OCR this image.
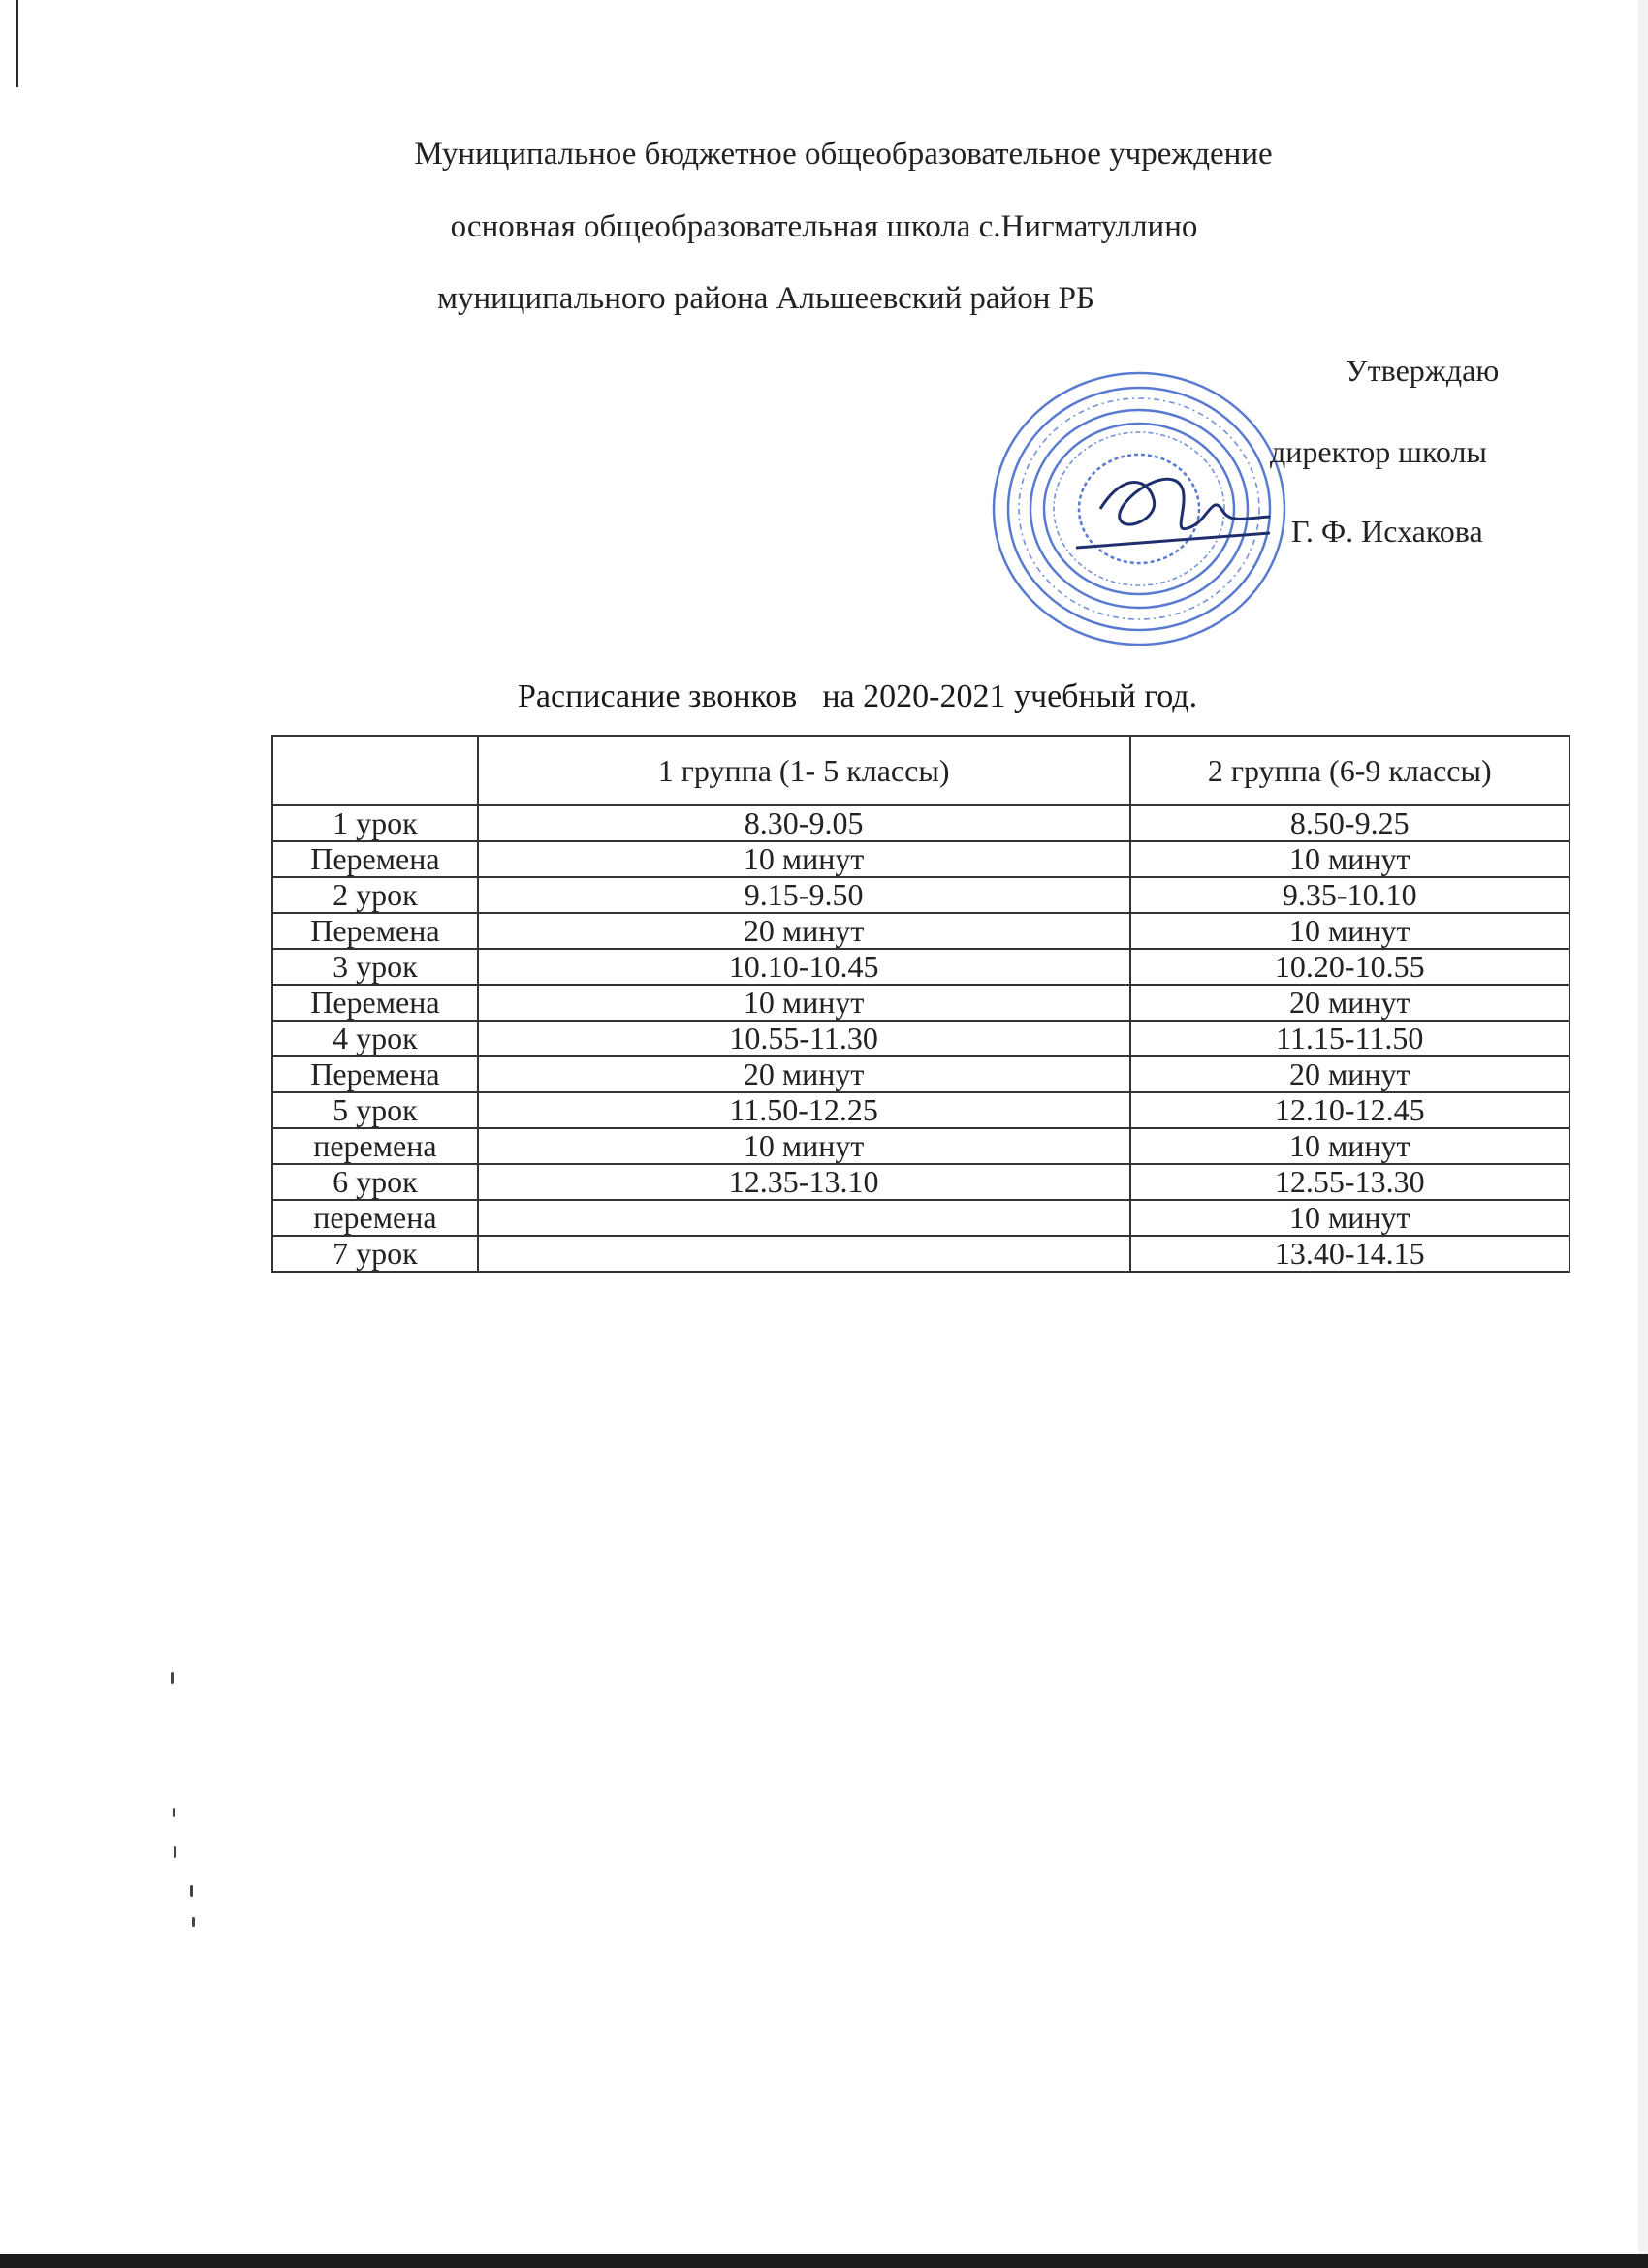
Муниципальное бюджетное общеобразовательное учреждение
основная общеобразовательная школа с.Нигматуллино
муниципального района Альшеевский район РБ
Утверждаю
директор школы
Г. Ф. Исхакова
Расписание звонков на 2020-2021 учебный год.
	1 группа (1- 5 классы)	2 группа (6-9 классы)
1 урок	8.30-9.05	8.50-9.25
Перемена	10 минут	10 минут
2 урок	9.15-9.50	9.35-10.10
Перемена	20 минут	10 минут
3 урок	10.10-10.45	10.20-10.55
Перемена	10 минут	20 минут
4 урок	10.55-11.30	11.15-11.50
Перемена	20 минут	20 минут
5 урок	11.50-12.25	12.10-12.45
перемена	10 минут	10 минут
6 урок	12.35-13.10	12.55-13.30
перемена		10 минут
7 урок		13.40-14.15
